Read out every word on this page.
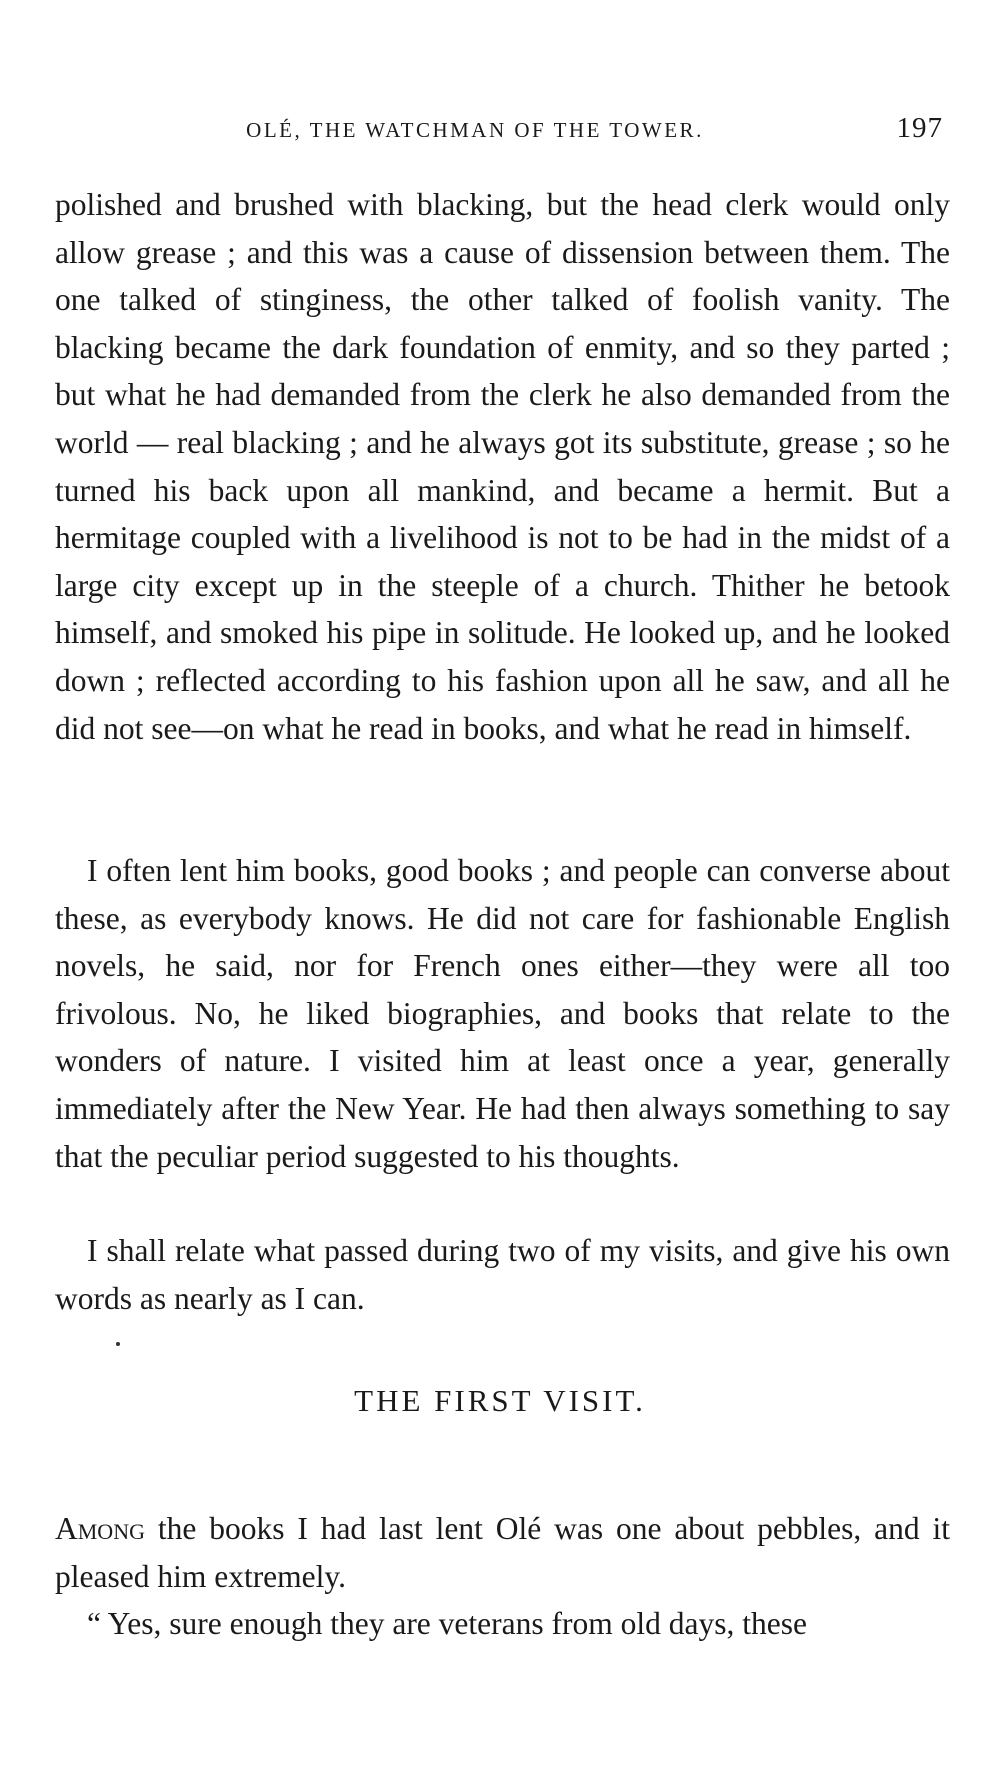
OLÉ, THE WATCHMAN OF THE TOWER.	197

polished and brushed with blacking, but the head clerk would only allow grease ; and this was a cause of dissension between them. The one talked of stinginess, the other talked of foolish vanity. The blacking became the dark foundation of enmity, and so they parted ; but what he had demanded from the clerk he also demanded from the world — real blacking ; and he always got its substitute, grease ; so he turned his back upon all mankind, and became a hermit. But a hermitage coupled with a livelihood is not to be had in the midst of a large city except up in the steeple of a church. Thither he betook himself, and smoked his pipe in solitude. He looked up, and he looked down ; reflected according to his fashion upon all he saw, and all he did not see—on what he read in books, and what he read in himself.

I often lent him books, good books ; and people can converse about these, as everybody knows. He did not care for fashionable English novels, he said, nor for French ones either—they were all too frivolous. No, he liked biographies, and books that relate to the wonders of nature. I visited him at least once a year, generally immediately after the New Year. He had then always something to say that the peculiar period suggested to his thoughts.

I shall relate what passed during two of my visits, and give his own words as nearly as I can.

THE FIRST VISIT.

Among the books I had last lent Olé was one about pebbles, and it pleased him extremely.

“ Yes, sure enough they are veterans from old days, these
